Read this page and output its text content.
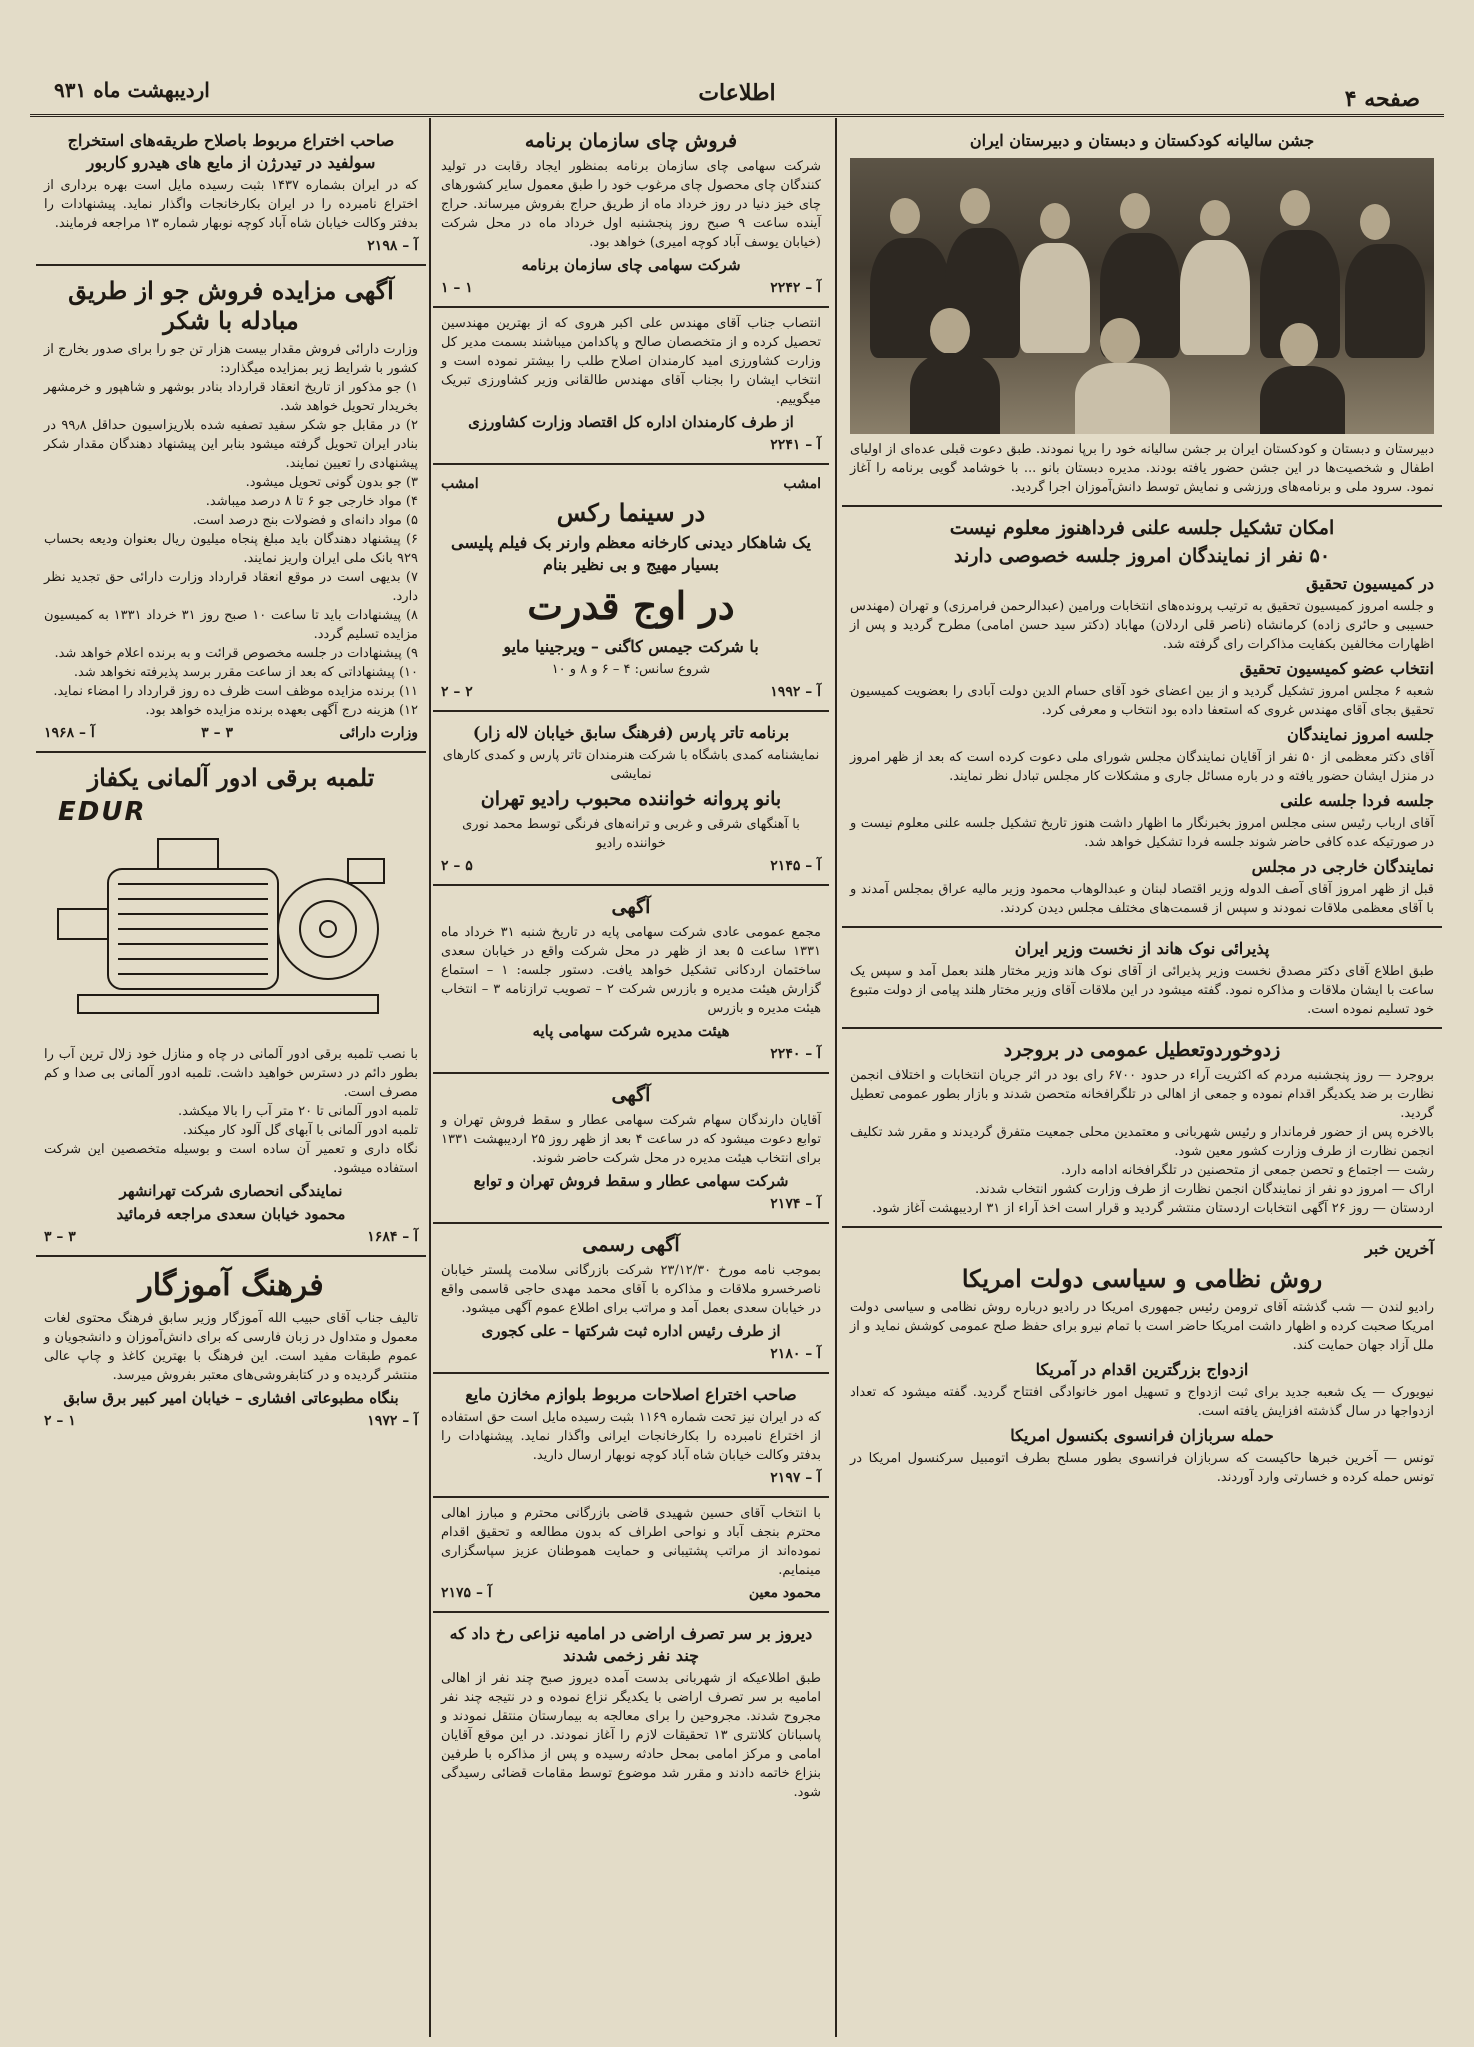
صفحه ۴
اطلاعات
اردیبهشت ماه ۹۳۱
جشن سالیانه کودکستان و دبستان و دبیرستان ایران

دبیرستان و دبستان و کودکستان ایران بر جشن سالیانه خود را برپا نمودند. طبق دعوت قبلی عده‌ای از اولیای اطفال و شخصیت‌ها در این جشن حضور یافته بودند. مدیره دبستان بانو ... با خوشامد گویی برنامه را آغاز نمود. سرود ملی و برنامه‌های ورزشی و نمایش توسط دانش‌آموزان اجرا گردید.

امکان تشکیل جلسه علنی فرداهنوز معلوم نیست
۵۰ نفر از نمایندگان امروز جلسه خصوصی دارند
در کمیسیون تحقیق

و جلسه امروز کمیسیون تحقیق به ترتیب پرونده‌های انتخابات ورامین (عبدالرحمن فرامرزی) و تهران (مهندس حسیبی و حائری زاده) کرمانشاه (ناصر قلی اردلان) مهاباد (دکتر سید حسن امامی) مطرح گردید و پس از اظهارات مخالفین بکفایت مذاکرات رای گرفته شد.

انتخاب عضو کمیسیون تحقیق

شعبه ۶ مجلس امروز تشکیل گردید و از بین اعضای خود آقای حسام الدین دولت آبادی را بعضویت کمیسیون تحقیق بجای آقای مهندس غروی که استعفا داده بود انتخاب و معرفی کرد.

جلسه امروز نمایندگان

آقای دکتر معظمی از ۵۰ نفر از آقایان نمایندگان مجلس شورای ملی دعوت کرده است که بعد از ظهر امروز در منزل ایشان حضور یافته و در باره مسائل جاری و مشکلات کار مجلس تبادل نظر نمایند.

جلسه فردا جلسه علنی

آقای ارباب رئیس سنی مجلس امروز بخبرنگار ما اظهار داشت هنوز تاریخ تشکیل جلسه علنی معلوم نیست و در صورتیکه عده کافی حاضر شوند جلسه فردا تشکیل خواهد شد.

نمایندگان خارجی در مجلس

قبل از ظهر امروز آقای آصف الدوله وزیر اقتصاد لبنان و عبدالوهاب محمود وزیر مالیه عراق بمجلس آمدند و با آقای معظمی ملاقات نمودند و سپس از قسمت‌های مختلف مجلس دیدن کردند.

پذیرائی نوک هاند از نخست وزیر ایران

طبق اطلاع آقای دکتر مصدق نخست وزیر پذیرائی از آقای نوک هاند وزیر مختار هلند بعمل آمد و سپس یک ساعت با ایشان ملاقات و مذاکره نمود. گفته میشود در این ملاقات آقای وزیر مختار هلند پیامی از دولت متبوع خود تسلیم نموده است.

زدوخوردوتعطیل عمومی در بروجرد

بروجرد — روز پنجشنبه مردم که اکثریت آراء در حدود ۶۷۰۰ رای بود در اثر جریان انتخابات و اختلاف انجمن نظارت بر ضد یکدیگر اقدام نموده و جمعی از اهالی در تلگرافخانه متحصن شدند و بازار بطور عمومی تعطیل گردید.

بالاخره پس از حضور فرماندار و رئیس شهربانی و معتمدین محلی جمعیت متفرق گردیدند و مقرر شد تکلیف انجمن نظارت از طرف وزارت کشور معین شود.

رشت — اجتماع و تحصن جمعی از متحصنین در تلگرافخانه ادامه دارد.

اراک — امروز دو نفر از نمایندگان انجمن نظارت از طرف وزارت کشور انتخاب شدند.

اردستان — روز ۲۶ آگهی انتخابات اردستان منتشر گردید و قرار است اخذ آراء از ۳۱ اردیبهشت آغاز شود.

آخرین خبر
روش نظامی و سیاسی دولت امریکا

رادیو لندن — شب گذشته آقای ترومن رئیس جمهوری امریکا در رادیو درباره روش نظامی و سیاسی دولت امریکا صحبت کرده و اظهار داشت امریکا حاضر است با تمام نیرو برای حفظ صلح عمومی کوشش نماید و از ملل آزاد جهان حمایت کند.

ازدواج بزرگترین اقدام در آمریکا

نیویورک — یک شعبه جدید برای ثبت ازدواج و تسهیل امور خانوادگی افتتاح گردید. گفته میشود که تعداد ازدواجها در سال گذشته افزایش یافته است.

حمله سربازان فرانسوی بکنسول امریکا

تونس — آخرین خبرها حاکیست که سربازان فرانسوی بطور مسلح بطرف اتومبیل سرکنسول امریکا در تونس حمله کرده و خسارتی وارد آوردند.

فروش چای سازمان برنامه

شرکت سهامی چای سازمان برنامه بمنظور ایجاد رقابت در تولید کنندگان چای محصول چای مرغوب خود را طبق معمول سایر کشورهای چای خیز دنیا در روز خرداد ماه از طریق حراج بفروش میرساند. حراج آینده ساعت ۹ صبح روز پنجشنبه اول خرداد ماه در محل شرکت (خیابان یوسف آباد کوچه امیری) خواهد بود.

شرکت سهامی چای سازمان برنامه
آ – ۲۲۴۲
۱ – ۱

انتصاب جناب آقای مهندس علی اکبر هروی که از بهترین مهندسین تحصیل کرده و از متخصصان صالح و پاکدامن میباشند بسمت مدیر کل وزارت کشاورزی امید کارمندان اصلاح طلب را بیشتر نموده است و انتخاب ایشان را بجناب آقای مهندس طالقانی وزیر کشاورزی تبریک میگوییم.

از طرف کارمندان اداره کل اقتصاد وزارت کشاورزی
آ – ۲۲۴۱
امشب
امشب
در سینما رکس
یک شاهکار دیدنی کارخانه معظم وارنر بک فیلم پلیسی بسیار مهیج و بی نظیر بنام
در اوج قدرت
با شرکت جیمس کاگنی – ویرجینیا مایو

شروع سانس: ۴ – ۶ و ۸ و ۱۰

آ – ۱۹۹۲
۲ – ۲
برنامه تاتر پارس (فرهنگ سابق خیابان لاله زار)

نمایشنامه کمدی باشگاه با شرکت هنرمندان تاتر پارس و کمدی کارهای نمایشی

بانو پروانه خواننده محبوب رادیو تهران

با آهنگهای شرقی و غربی و ترانه‌های فرنگی توسط محمد نوری خواننده رادیو

آ – ۲۱۴۵
۵ – ۲
آگهی

مجمع عمومی عادی شرکت سهامی پایه در تاریخ شنبه ۳۱ خرداد ماه ۱۳۳۱ ساعت ۵ بعد از ظهر در محل شرکت واقع در خیابان سعدی ساختمان اردکانی تشکیل خواهد یافت. دستور جلسه: ۱ – استماع گزارش هیئت مدیره و بازرس شرکت ۲ – تصویب ترازنامه ۳ – انتخاب هیئت مدیره و بازرس

هیئت مدیره شرکت سهامی پایه
آ – ۲۲۴۰
آگهی

آقایان دارندگان سهام شرکت سهامی عطار و سقط فروش تهران و توابع دعوت میشود که در ساعت ۴ بعد از ظهر روز ۲۵ اردیبهشت ۱۳۳۱ برای انتخاب هیئت مدیره در محل شرکت حاضر شوند.

شرکت سهامی عطار و سقط فروش تهران و توابع
آ – ۲۱۷۴
آگهی رسمی

بموجب نامه مورخ ۲۳/۱۲/۳۰ شرکت بازرگانی سلامت پلستر خیابان ناصرخسرو ملاقات و مذاکره با آقای محمد مهدی حاجی قاسمی واقع در خیابان سعدی بعمل آمد و مراتب برای اطلاع عموم آگهی میشود.

از طرف رئیس اداره ثبت شرکتها – علی کجوری
آ – ۲۱۸۰
صاحب اختراع اصلاحات مربوط بلوازم مخازن مایع

که در ایران نیز تحت شماره ۱۱۶۹ بثبت رسیده مایل است حق استفاده از اختراع نامبرده را بکارخانجات ایرانی واگذار نماید. پیشنهادات را بدفتر وکالت خیابان شاه آباد کوچه نوبهار ارسال دارید.

آ – ۲۱۹۷

با انتخاب آقای حسین شهیدی قاضی بازرگانی محترم و مبارز اهالی محترم بنجف آباد و نواحی اطراف که بدون مطالعه و تحقیق اقدام نموده‌اند از مراتب پشتیبانی و حمایت هموطنان عزیز سپاسگزاری مینمایم.

محمود معین
آ – ۲۱۷۵
دیروز بر سر تصرف اراضی در امامیه نزاعی رخ داد که چند نفر زخمی شدند

طبق اطلاعیکه از شهربانی بدست آمده دیروز صبح چند نفر از اهالی امامیه بر سر تصرف اراضی با یکدیگر نزاع نموده و در نتیجه چند نفر مجروح شدند. مجروحین را برای معالجه به بیمارستان منتقل نمودند و پاسبانان کلانتری ۱۳ تحقیقات لازم را آغاز نمودند. در این موقع آقایان امامی و مرکز امامی بمحل حادثه رسیده و پس از مذاکره با طرفین بنزاع خاتمه دادند و مقرر شد موضوع توسط مقامات قضائی رسیدگی شود.

صاحب اختراع مربوط باصلاح طریقه‌های استخراج سولفید در تیدرژن از مایع های هیدرو کاربور

که در ایران بشماره ۱۴۳۷ بثبت رسیده مایل است بهره برداری از اختراع نامبرده را در ایران بکارخانجات واگذار نماید. پیشنهادات را بدفتر وکالت خیابان شاه آباد کوچه نوبهار شماره ۱۳ مراجعه فرمایند.

آ – ۲۱۹۸
آگهی مزایده فروش جو از طریق مبادله با شکر

وزارت دارائی فروش مقدار بیست هزار تن جو را برای صدور بخارج از کشور با شرایط زیر بمزایده میگذارد:

۱) جو مذکور از تاریخ انعقاد قرارداد بنادر بوشهر و شاهپور و خرمشهر بخریدار تحویل خواهد شد.

۲) در مقابل جو شکر سفید تصفیه شده بلاریزاسیون حداقل ۹۹٫۸ در بنادر ایران تحویل گرفته میشود بنابر این پیشنهاد دهندگان مقدار شکر پیشنهادی را تعیین نمایند.

۳) جو بدون گونی تحویل میشود.

۴) مواد خارجی جو ۶ تا ۸ درصد میباشد.

۵) مواد دانه‌ای و فضولات بنج درصد است.

۶) پیشنهاد دهندگان باید مبلغ پنجاه میلیون ریال بعنوان ودیعه بحساب ۹۲۹ بانک ملی ایران واریز نمایند.

۷) بدیهی است در موقع انعقاد قرارداد وزارت دارائی حق تجدید نظر دارد.

۸) پیشنهادات باید تا ساعت ۱۰ صبح روز ۳۱ خرداد ۱۳۳۱ به کمیسیون مزایده تسلیم گردد.

۹) پیشنهادات در جلسه مخصوص قرائت و به برنده اعلام خواهد شد.

۱۰) پیشنهاداتی که بعد از ساعت مقرر برسد پذیرفته نخواهد شد.

۱۱) برنده مزایده موظف است ظرف ده روز قرارداد را امضاء نماید.

۱۲) هزینه درج آگهی بعهده برنده مزایده خواهد بود.

وزارت دارائی
۳ – ۳
آ – ۱۹۶۸
تلمبه برقی ادور آلمانی یکفاز
EDUR

با نصب تلمبه برقی ادور آلمانی در چاه و منازل خود زلال ترین آب را بطور دائم در دسترس خواهید داشت. تلمبه ادور آلمانی بی صدا و کم مصرف است.

تلمبه ادور آلمانی تا ۲۰ متر آب را بالا میکشد.

تلمبه ادور آلمانی با آبهای گل آلود کار میکند.

نگاه داری و تعمیر آن ساده است و بوسیله متخصصین این شرکت استفاده میشود.

نمایندگی انحصاری شرکت تهرانشهر
محمود خیابان سعدی مراجعه فرمائید
آ – ۱۶۸۴
۳ – ۳
فرهنگ آموزگار

تالیف جناب آقای حبیب الله آموزگار وزیر سابق فرهنگ محتوی لغات معمول و متداول در زبان فارسی که برای دانش‌آموزان و دانشجویان و عموم طبقات مفید است. این فرهنگ با بهترین کاغذ و چاپ عالی منتشر گردیده و در کتابفروشی‌های معتبر بفروش میرسد.

بنگاه مطبوعاتی افشاری – خیابان امیر کبیر برق سابق
آ – ۱۹۷۲
۱ – ۲
